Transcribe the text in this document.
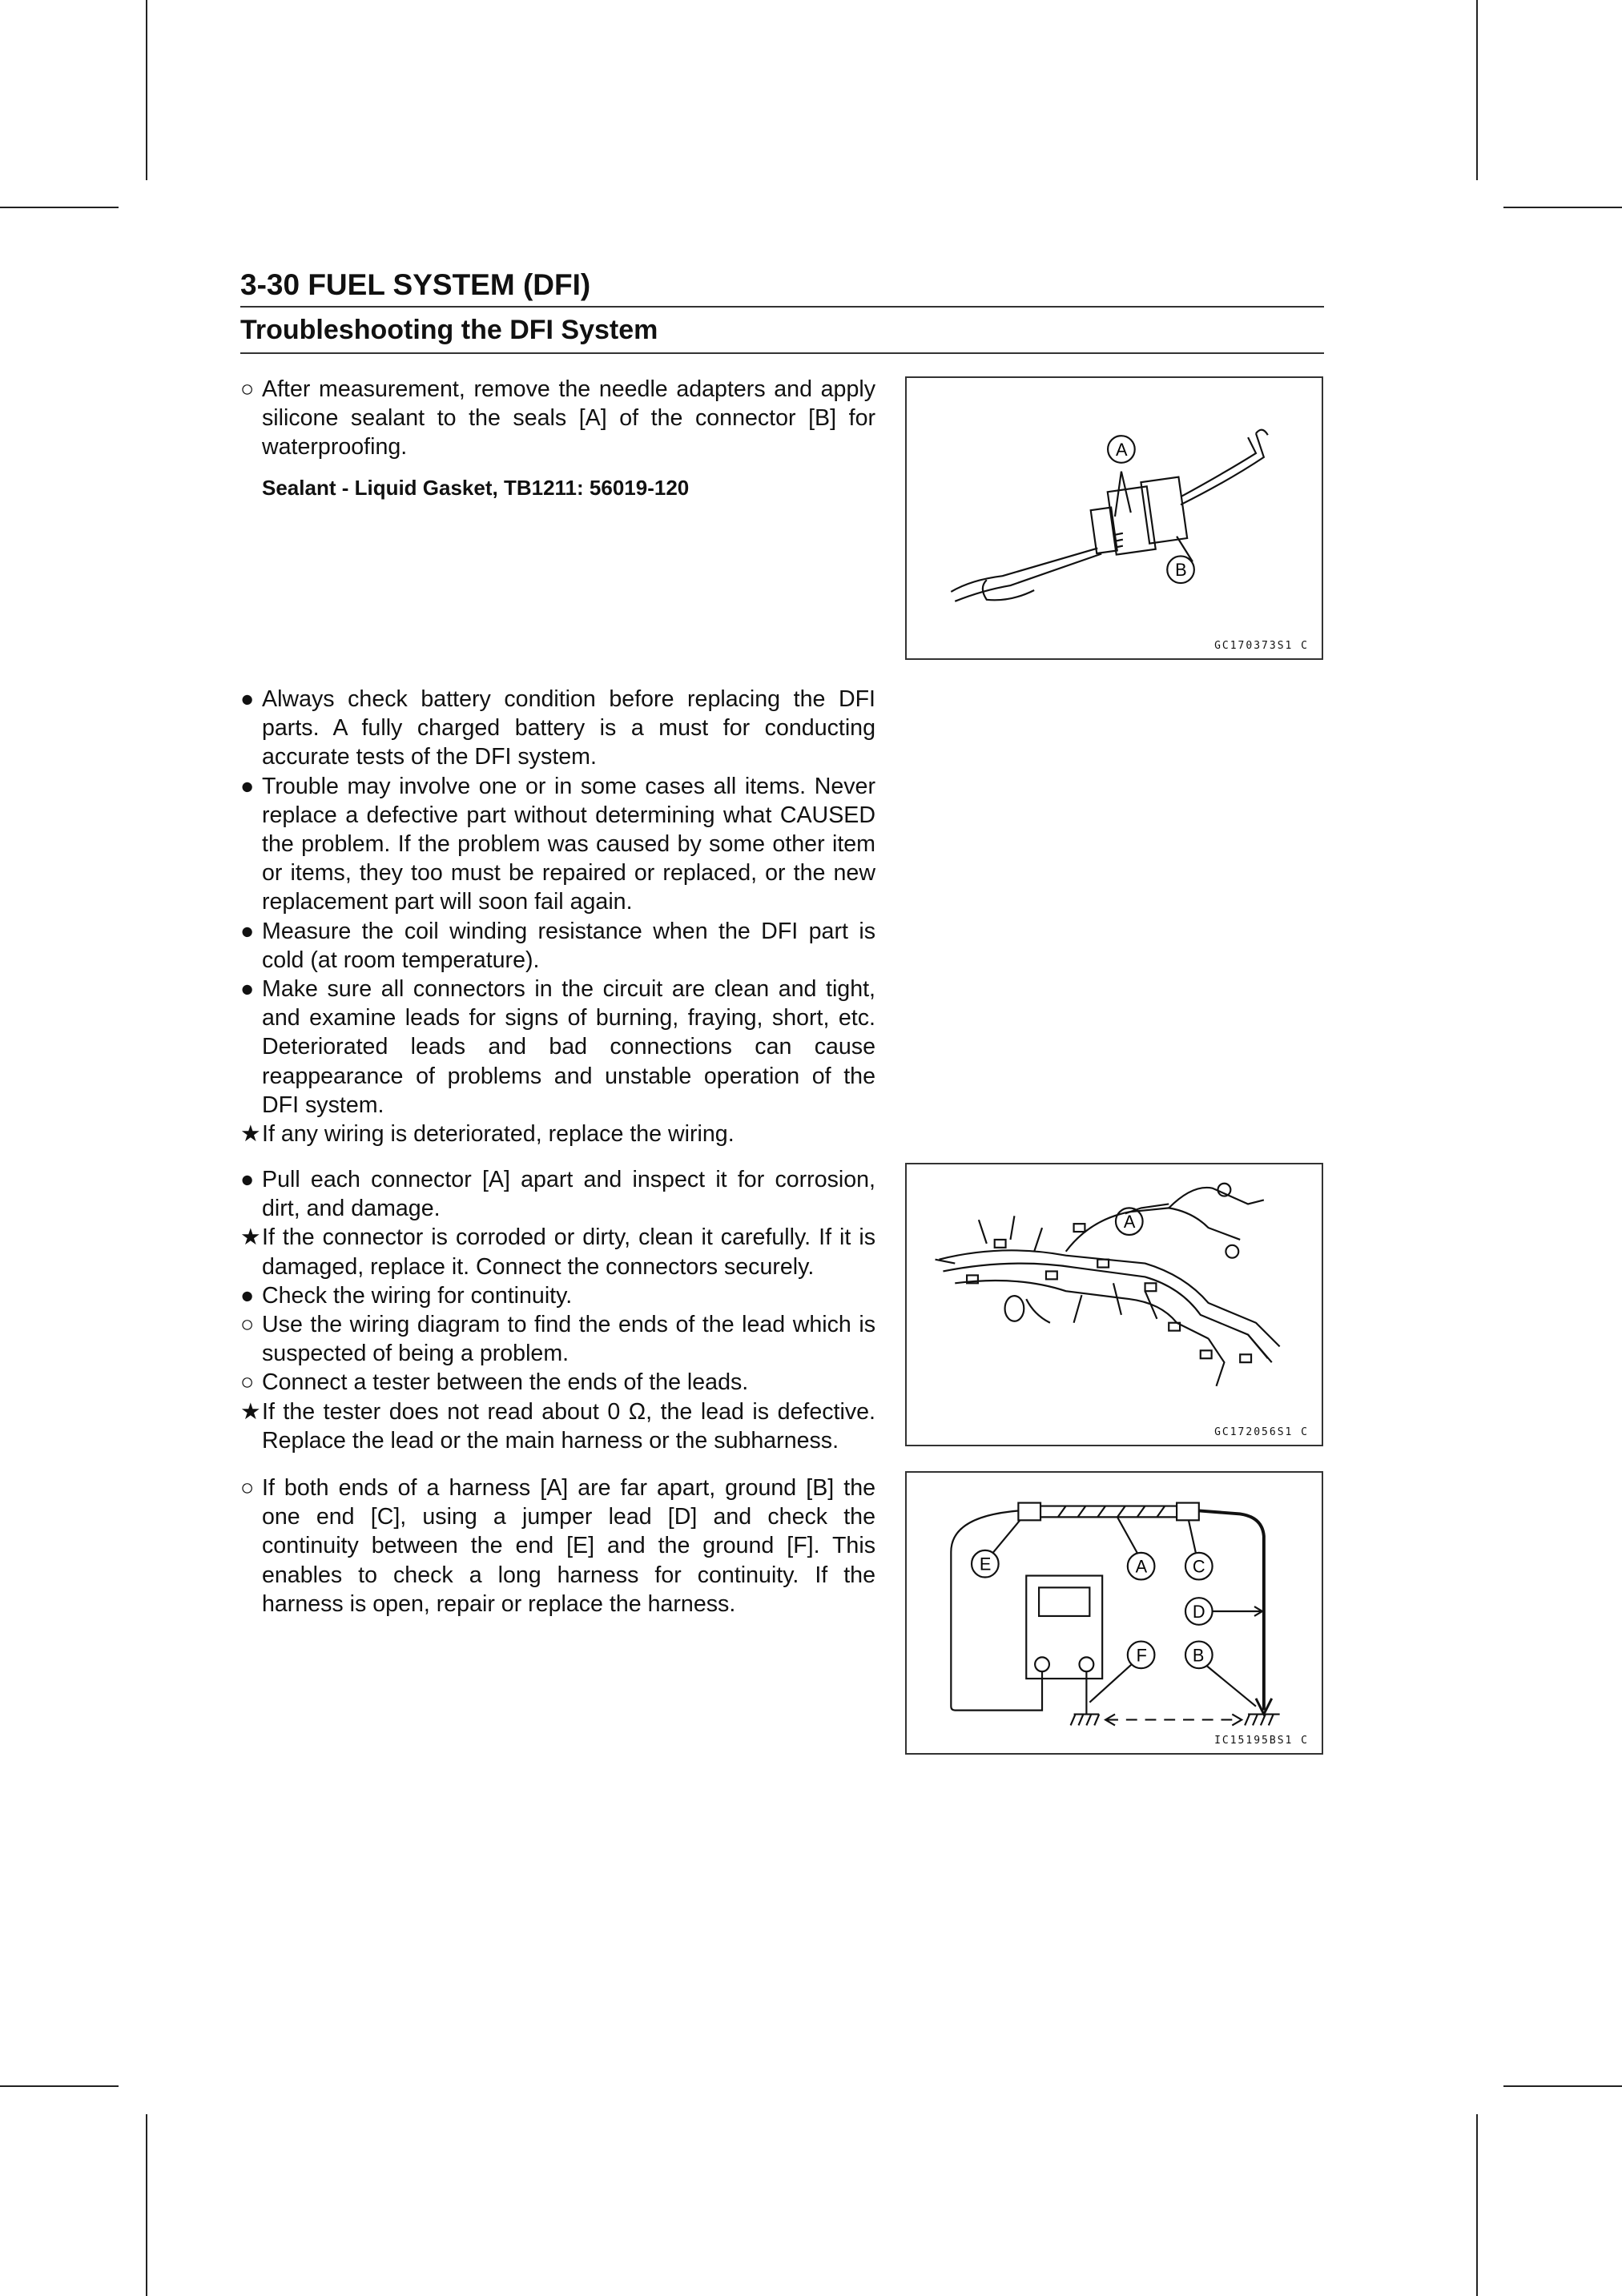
3-30 FUEL SYSTEM (DFI)
Troubleshooting the DFI System
○ After measurement, remove the needle adapters and apply silicone sealant to the seals [A] of the connector [B] for waterproofing.
Sealant - Liquid Gasket, TB1211: 56019-120
A
B
GC170373S1 C
● Always check battery condition before replacing the DFI parts. A fully charged battery is a must for conducting accurate tests of the DFI system.
● Trouble may involve one or in some cases all items. Never replace a defective part without determining what CAUSED the problem. If the problem was caused by some other item or items, they too must be repaired or replaced, or the new replacement part will soon fail again.
● Measure the coil winding resistance when the DFI part is cold (at room temperature).
● Make sure all connectors in the circuit are clean and tight, and examine leads for signs of burning, fraying, short, etc. Deteriorated leads and bad connections can cause reappearance of problems and unstable operation of the DFI system.
★ If any wiring is deteriorated, replace the wiring.
● Pull each connector [A] apart and inspect it for corrosion, dirt, and damage.
★ If the connector is corroded or dirty, clean it carefully. If it is damaged, replace it. Connect the connectors securely.
● Check the wiring for continuity.
○ Use the wiring diagram to find the ends of the lead which is suspected of being a problem.
○ Connect a tester between the ends of the leads.
★ If the tester does not read about 0 Ω, the lead is defective. Replace the lead or the main harness or the subharness.
A
GC172056S1 C
○ If both ends of a harness [A] are far apart, ground [B] the one end [C], using a jumper lead [D] and check the continuity between the end [E] and the ground [F]. This enables to check a long harness for continuity. If the harness is open, repair or replace the harness.
E	A	C
D
F	B
IC15195BS1 C
